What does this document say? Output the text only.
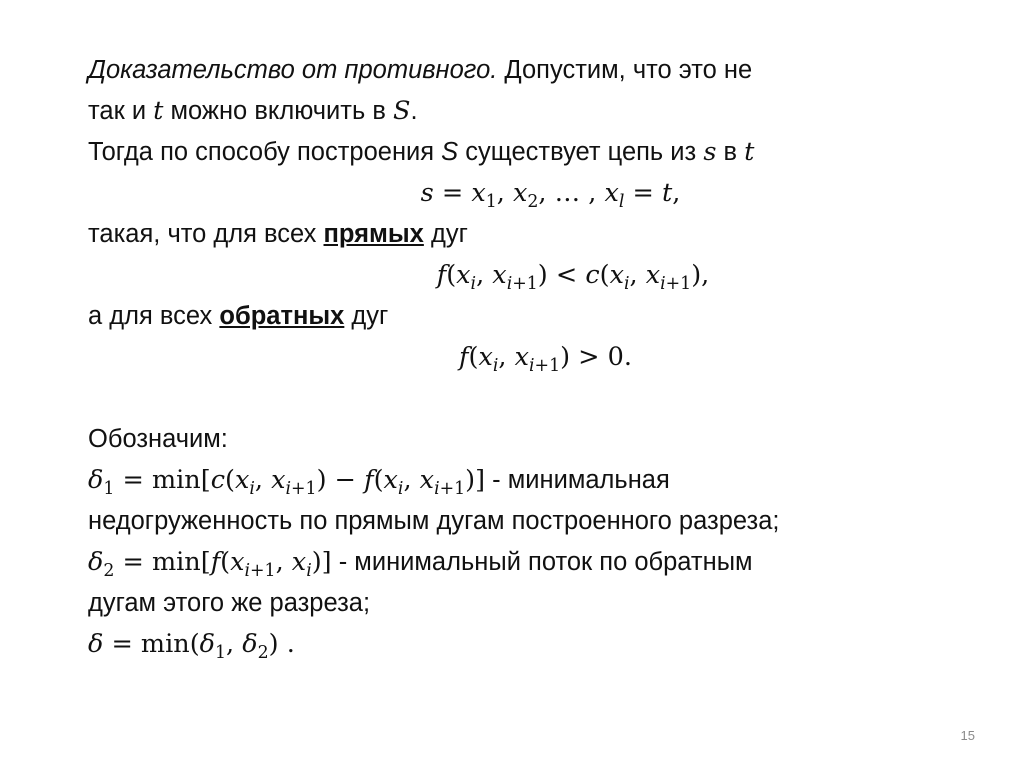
Доказательство от противного. Допустим, что это не
так и t можно включить в S.
Тогда по способу построения S существует цепь из s в t
$s = x_1$, $x_2$, … , $x_l = t$,
такая, что для всех прямых дуг
$f(x_i$, $x_{i+1}) < c(x_i$, $x_{i+1}$),
а для всех обратных дуг
$f(x_i$, $x_{i+1}) > 0$.
Обозначим:
$\delta_1 = \min[c(x_i$, $x_{i+1}) - f(x_i$, $x_{i+1}$)] - минимальная
недогруженность по прямым дугам построенного разреза;
$\delta_2 = \min[f(x_{i+1}$, $x_i$)] - минимальный поток по обратным
дугам этого же разреза;
$\delta = \min(\delta_1$, $\delta_2$) .
15
